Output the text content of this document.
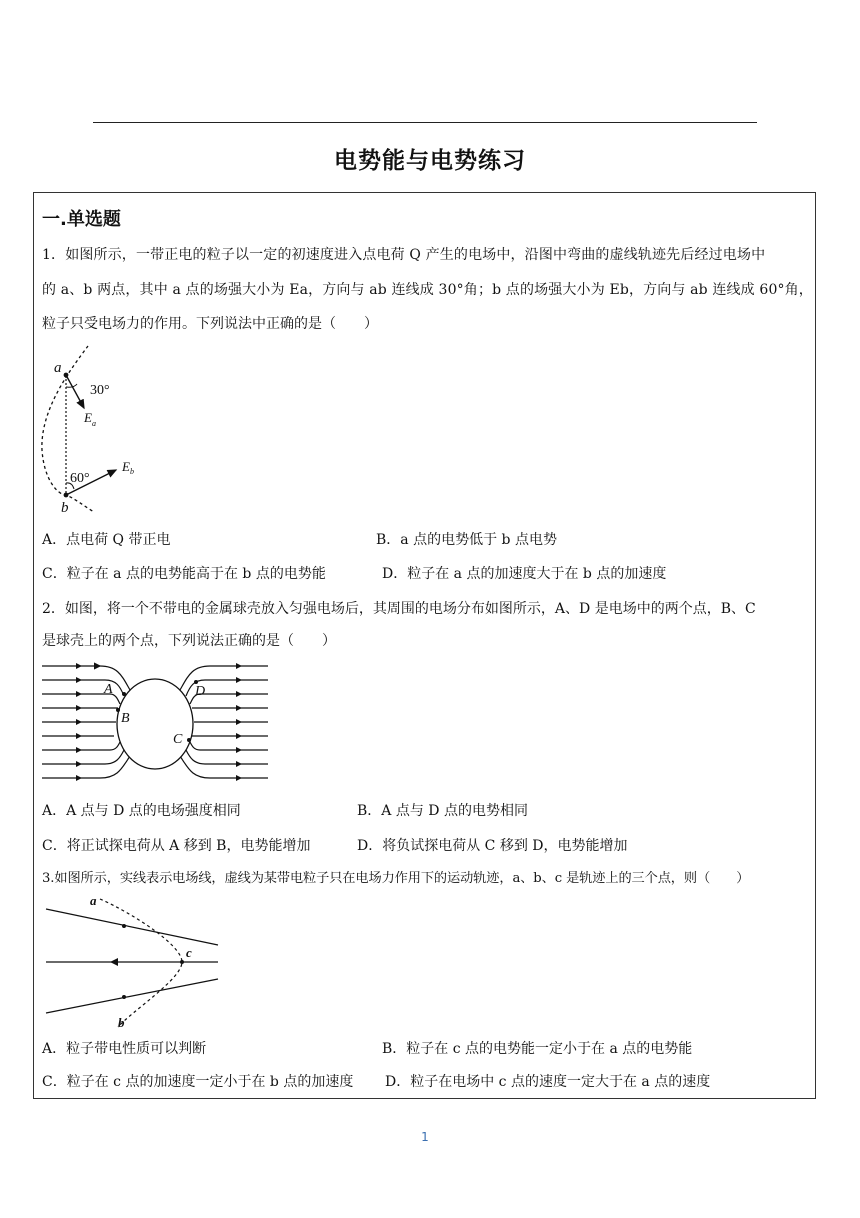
电势能与电势练习
一.单选题
1．如图所示，一带正电的粒子以一定的初速度进入点电荷 Q 产生的电场中，沿图中弯曲的虚线轨迹先后经过电场中
的 a、b 两点，其中 a 点的场强大小为 Ea，方向与 ab 连线成 30°角；b 点的场强大小为 Eb，方向与 ab 连线成 60°角，
粒子只受电场力的作用。下列说法中正确的是（　　）
a
b
30°
60°
E a
E b
A．点电荷 Q 带正电	B．a 点的电势低于 b 点电势
C．粒子在 a 点的电势能高于在 b 点的电势能	D．粒子在 a 点的加速度大于在 b 点的加速度
2．如图，将一个不带电的金属球壳放入匀强电场后，其周围的电场分布如图所示，A、D 是电场中的两个点，B、C
是球壳上的两个点，下列说法正确的是（　　）
A
B
C
D
A．A 点与 D 点的电场强度相同	B．A 点与 D 点的电势相同
C．将正试探电荷从 A 移到 B，电势能增加	D．将负试探电荷从 C 移到 D，电势能增加
3.如图所示，实线表示电场线，虚线为某带电粒子只在电场力作用下的运动轨迹，a、b、c 是轨迹上的三个点，则（　　）
a
c
b
A．粒子带电性质可以判断	B．粒子在 c 点的电势能一定小于在 a 点的电势能
C．粒子在 c 点的加速度一定小于在 b 点的加速度 D．粒子在电场中 c 点的速度一定大于在 a 点的速度
1
